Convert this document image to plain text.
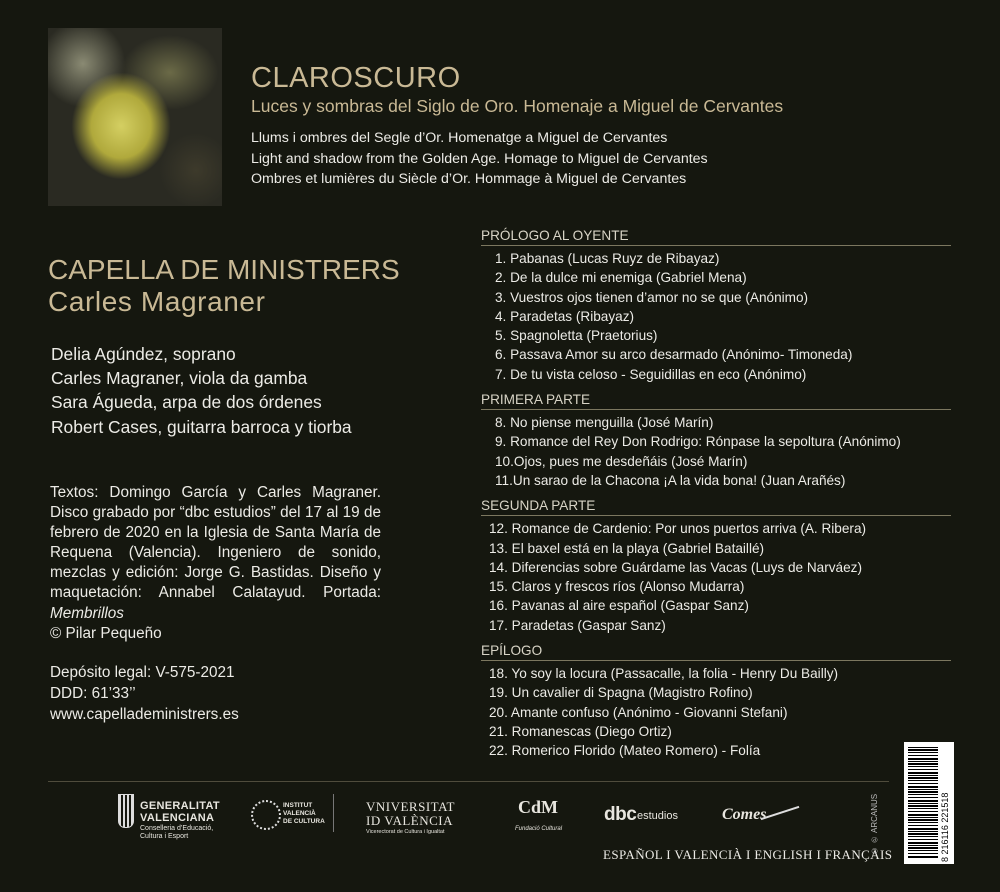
CLAROSCURO
Luces y sombras del Siglo de Oro. Homenaje a Miguel de Cervantes
Llums i ombres del Segle d’Or. Homenatge a Miguel de Cervantes
Light and shadow from the Golden Age. Homage to Miguel de Cervantes
Ombres et lumières du Siècle d’Or. Hommage à Miguel de Cervantes
CAPELLA DE MINISTRERS
Carles Magraner
Delia Agúndez, soprano
Carles Magraner, viola da gamba
Sara Águeda, arpa de dos órdenes
Robert Cases, guitarra barroca y tiorba
Textos: Domingo García y Carles Magraner. Disco grabado por “dbc estudios” del 17 al 19 de febrero de 2020 en la Iglesia de Santa María de Requena (Valencia). Ingeniero de sonido, mezclas y edición: Jorge G. Bastidas. Diseño y maquetación: Annabel Calatayud. Portada: Membrillos
© Pilar Pequeño
Depósito legal: V-575-2021
DDD: 61’33’’
www.capelladeministrers.es
PRÓLOGO AL OYENTE
1. Pabanas (Lucas Ruyz de Ribayaz)
2. De la dulce mi enemiga (Gabriel Mena)
3. Vuestros ojos tienen d’amor no se que (Anónimo)
4. Paradetas (Ribayaz)
5. Spagnoletta (Praetorius)
6. Passava Amor su arco desarmado (Anónimo- Timoneda)
7. De tu vista celoso - Seguidillas en eco (Anónimo)
PRIMERA PARTE
8. No piense menguilla (José Marín)
9. Romance del Rey Don Rodrigo: Rónpase la sepoltura (Anónimo)
10.Ojos, pues me desdeñáis (José Marín)
11.Un sarao de la Chacona ¡A la vida bona! (Juan Arañés)
SEGUNDA PARTE
12. Romance de Cardenio: Por unos puertos arriva (A. Ribera)
13. El baxel está en la playa (Gabriel Bataillé)
14. Diferencias sobre Guárdame las Vacas (Luys de Narváez)
15. Claros y frescos ríos (Alonso Mudarra)
16. Pavanas al aire español (Gaspar Sanz)
17. Paradetas (Gaspar Sanz)
EPÍLOGO
18. Yo soy la locura (Passacalle, la folia - Henry Du Bailly)
19. Un cavalier di Spagna (Magistro Rofino)
20. Amante confuso (Anónimo - Giovanni Stefani)
21. Romanescas (Diego Ortiz)
22. Romerico Florido (Mateo Romero) - Folía
GENERALITAT
VALENCIANA
Conselleria d’Educació,
Cultura i Esport
INSTITUT
VALENCIÀ
DE CULTURA
VNIVERSITAT
ID VALÈNCIA
Vicerectorat de Cultura i Igualtat
CdM
Fundació Cultural
dbc estudios	Comes
ESPAÑOL I VALENCIÀ I ENGLISH I FRANÇAIS
© ℗ ARCANUS	8 216116 221518
